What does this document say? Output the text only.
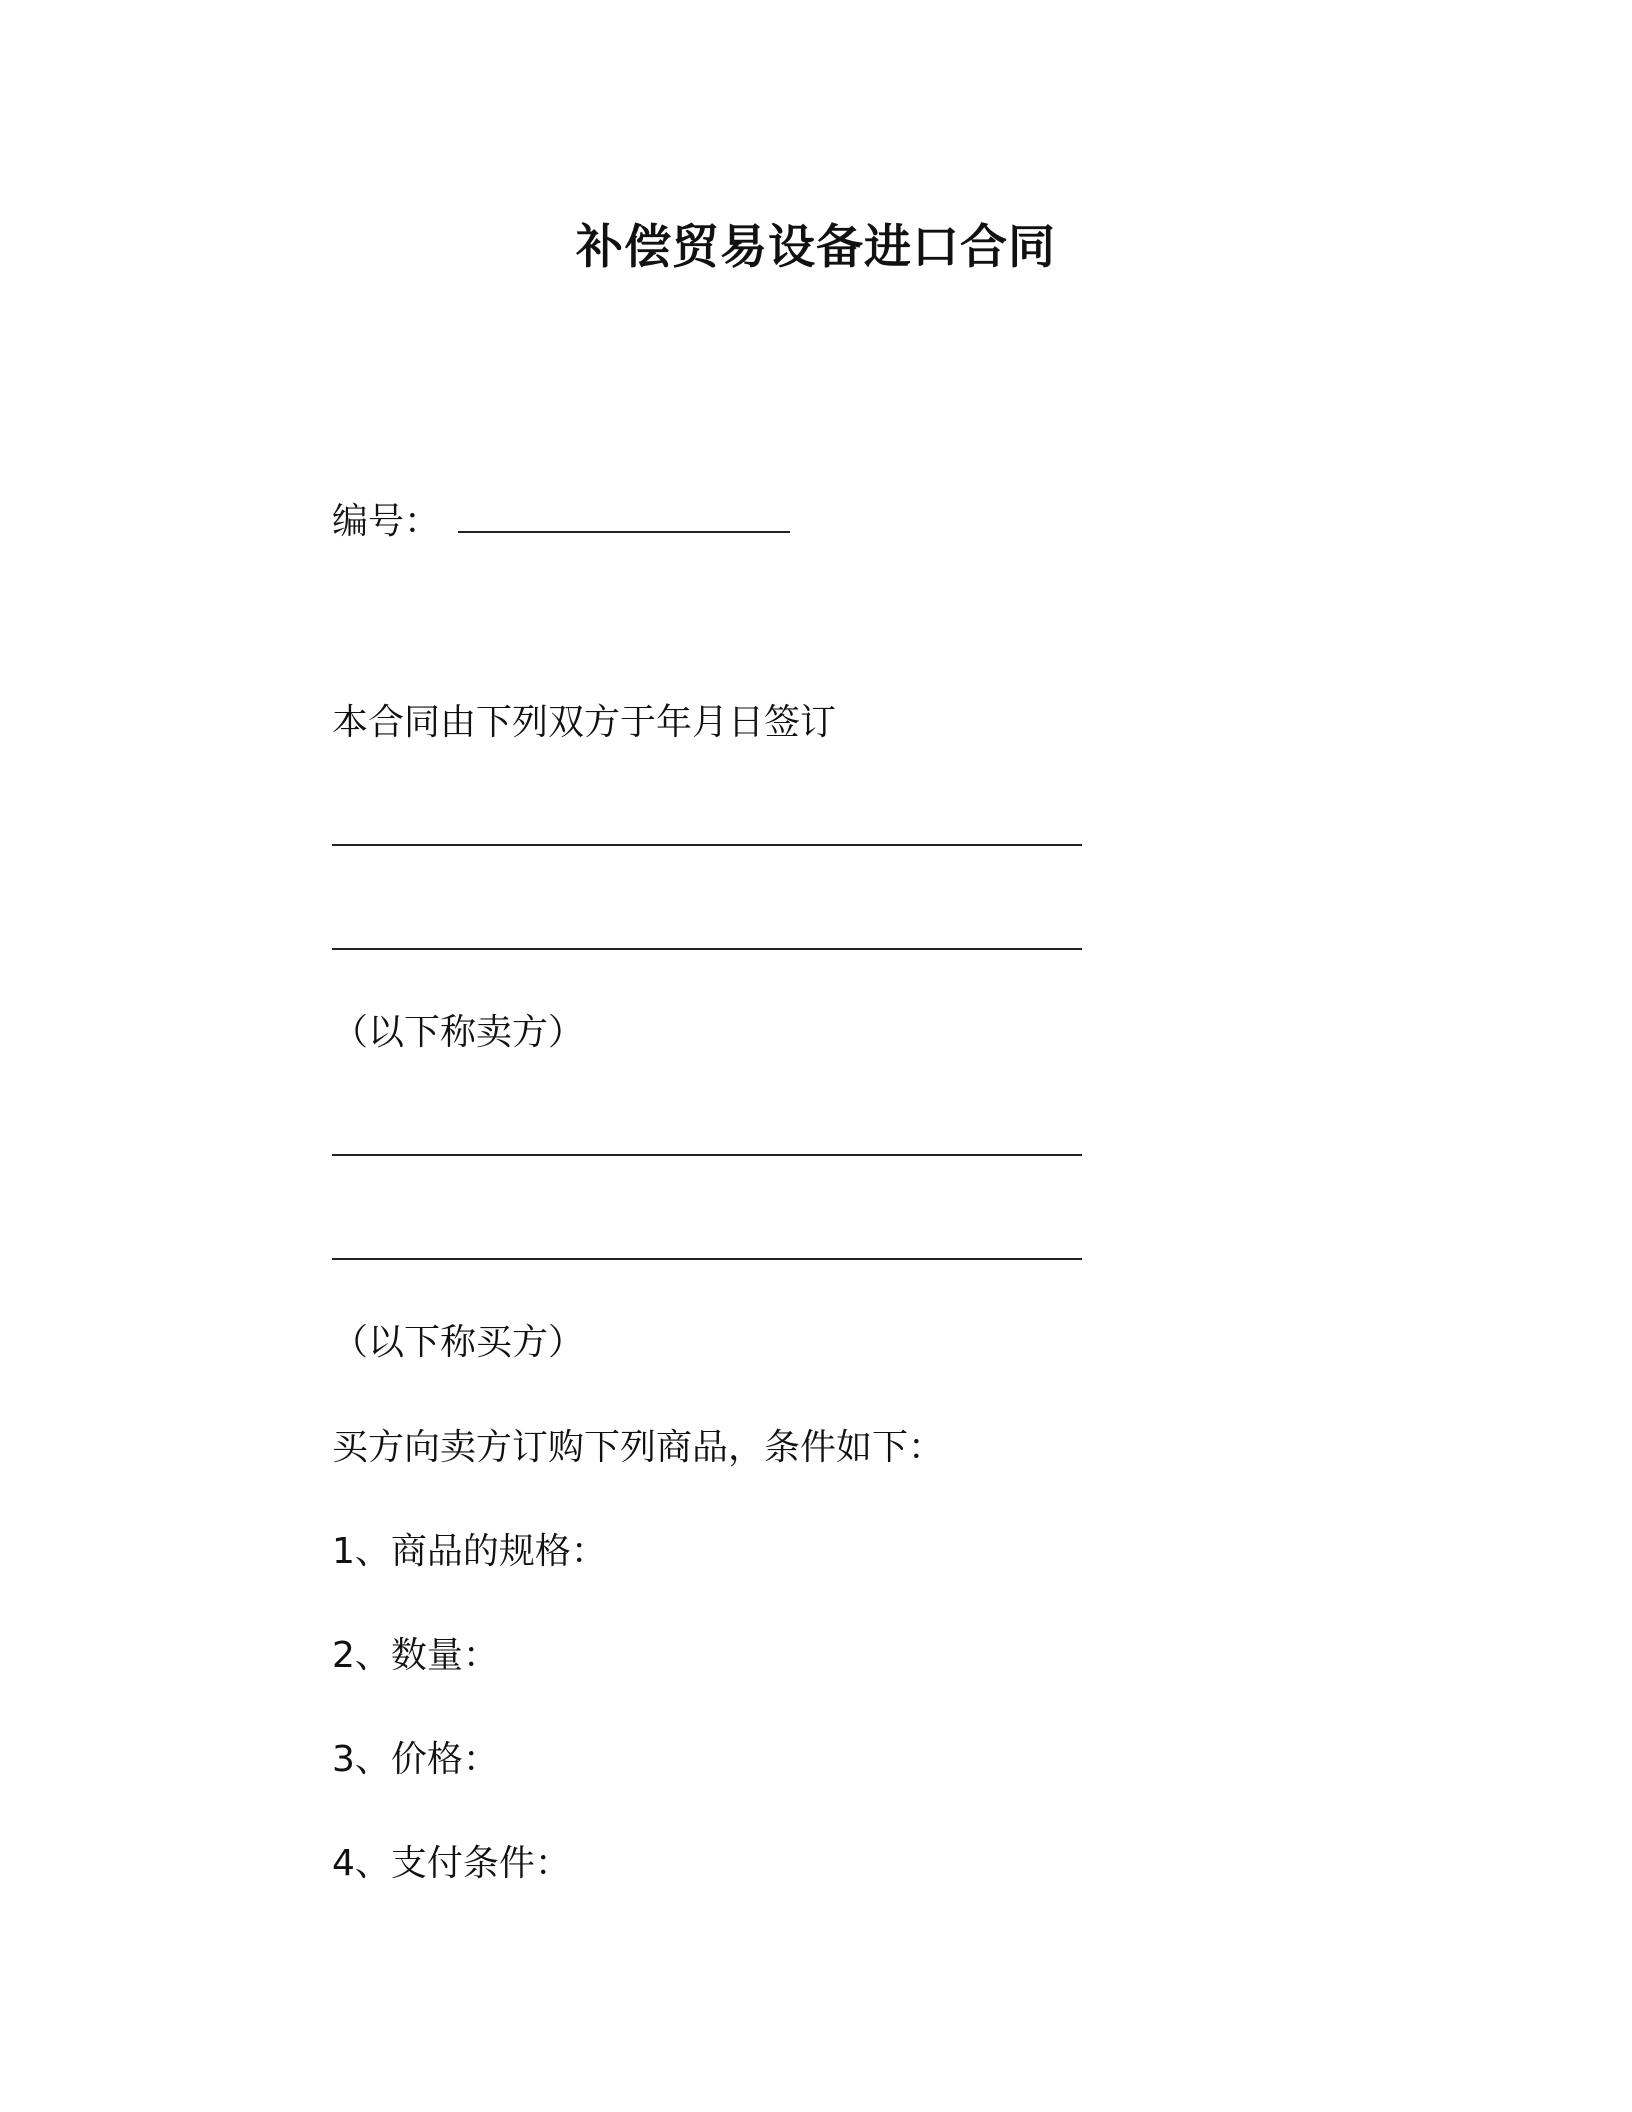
补偿贸易设备进口合同
编号：
本合同由下列双方于年月日签订
（以下称卖方）
（以下称买方）
买方向卖方订购下列商品，条件如下：
1、商品的规格：
2、数量：
3、价格：
4、支付条件：
